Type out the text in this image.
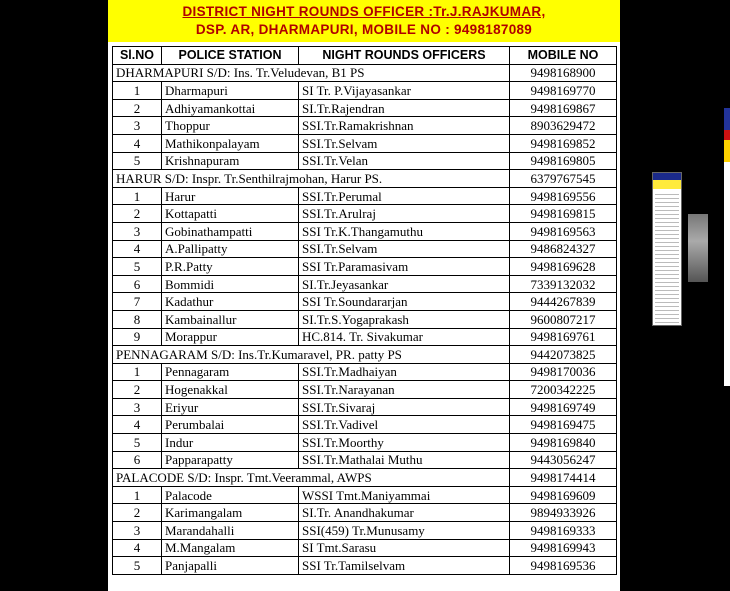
DISTRICT NIGHT ROUNDS OFFICER :Tr.J.RAJKUMAR,
DSP. AR, DHARMAPURI, MOBILE NO : 9498187089
Sl.NO	POLICE STATION	NIGHT ROUNDS OFFICERS	MOBILE NO
DHARMAPURI S/D: Ins. Tr.Veludevan, B1 PS			9498168900
1	Dharmapuri	SI Tr. P.Vijayasankar	9498169770
2	Adhiyamankottai	SI.Tr.Rajendran	9498169867
3	Thoppur	SSI.Tr.Ramakrishnan	8903629472
4	Mathikonpalayam	SSI.Tr.Selvam	9498169852
5	Krishnapuram	SSI.Tr.Velan	9498169805
HARUR S/D: Inspr. Tr.Senthilrajmohan, Harur PS.			6379767545
1	Harur	SSI.Tr.Perumal	9498169556
2	Kottapatti	SSI.Tr.Arulraj	9498169815
3	Gobinathampatti	SSI Tr.K.Thangamuthu	9498169563
4	A.Pallipatty	SSI.Tr.Selvam	9486824327
5	P.R.Patty	SSI Tr.Paramasivam	9498169628
6	Bommidi	SI.Tr.Jeyasankar	7339132032
7	Kadathur	SSI Tr.Soundararjan	9444267839
8	Kambainallur	SI.Tr.S.Yogaprakash	9600807217
9	Morappur	HC.814. Tr. Sivakumar	9498169761
PENNAGARAM S/D: Ins.Tr.Kumaravel, PR. patty PS			9442073825
1	Pennagaram	SSI.Tr.Madhaiyan	9498170036
2	Hogenakkal	SSI.Tr.Narayanan	7200342225
3	Eriyur	SSI.Tr.Sivaraj	9498169749
4	Perumbalai	SSI.Tr.Vadivel	9498169475
5	Indur	SSI.Tr.Moorthy	9498169840
6	Papparapatty	SSI.Tr.Mathalai Muthu	9443056247
PALACODE S/D: Inspr. Tmt.Veerammal, AWPS			9498174414
1	Palacode	WSSI Tmt.Maniyammai	9498169609
2	Karimangalam	SI.Tr. Anandhakumar	9894933926
3	Marandahalli	SSI(459) Tr.Munusamy	9498169333
4	M.Mangalam	SI Tmt.Sarasu	9498169943
5	Panjapalli	SSI Tr.Tamilselvam	9498169536
